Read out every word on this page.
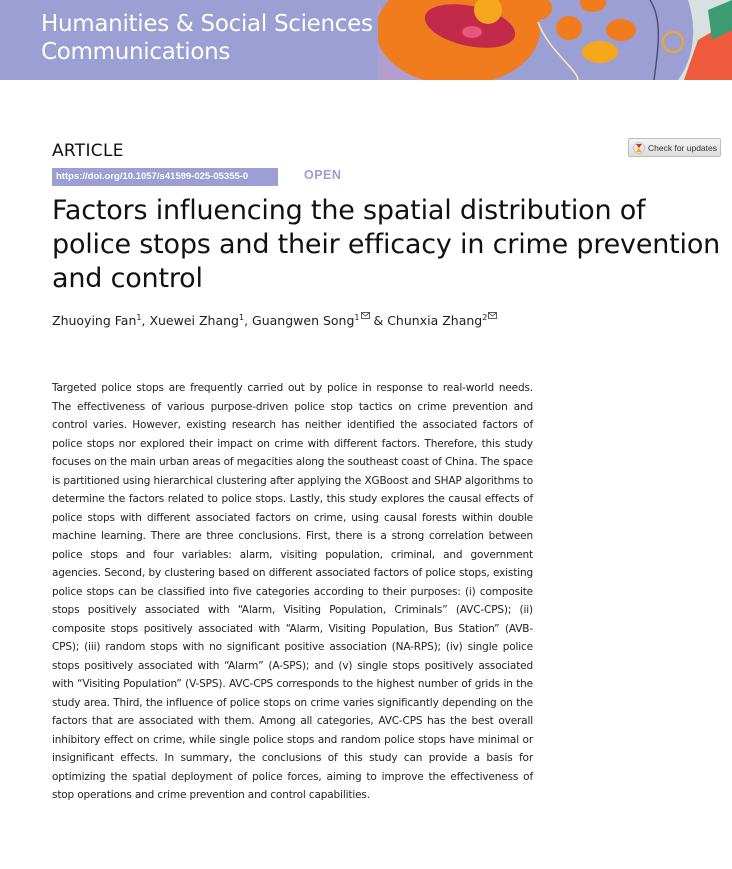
Humanities & Social Sciences
Communications
ARTICLE	Check for updates
https://doi.org/10.1057/s41599-025-05355-0	OPEN
Factors influencing the spatial distribution of police stops and their efficacy in crime prevention and control
Zhuoying Fan$^1$, Xuewei Zhang$^1$, Guangwen Song$^1$ & Chunxia Zhang$^2$

Targeted police stops are frequently carried out by police in response to real-world needs. The effectiveness of various purpose-driven police stop tactics on crime prevention and control varies. However, existing research has neither identified the associated factors of police stops nor explored their impact on crime with different factors. Therefore, this study focuses on the main urban areas of megacities along the southeast coast of China. The space is partitioned using hierarchical clustering after applying the XGBoost and SHAP algorithms to determine the factors related to police stops. Lastly, this study explores the causal effects of police stops with different associated factors on crime, using causal forests within double machine learning. There are three conclusions. First, there is a strong correlation between police stops and four variables: alarm, visiting population, criminal, and government agencies. Second, by clustering based on different associated factors of police stops, existing police stops can be classified into five categories according to their purposes: (i) composite stops positively associated with “Alarm, Visiting Population, Criminals” (AVC-CPS); (ii) composite stops positively associated with “Alarm, Visiting Population, Bus Station” (AVB-CPS); (iii) random stops with no significant positive association (NA-RPS); (iv) single police stops positively associated with “Alarm” (A-SPS); and (v) single stops positively associated with “Visiting Population” (V-SPS). AVC-CPS corresponds to the highest number of grids in the study area. Third, the influence of police stops on crime varies significantly depending on the factors that are associated with them. Among all categories, AVC-CPS has the best overall inhibitory effect on crime, while single police stops and random police stops have minimal or insignificant effects. In summary, the conclusions of this study can provide a basis for optimizing the spatial deployment of police forces, aiming to improve the effectiveness of stop operations and crime prevention and control capabilities.
